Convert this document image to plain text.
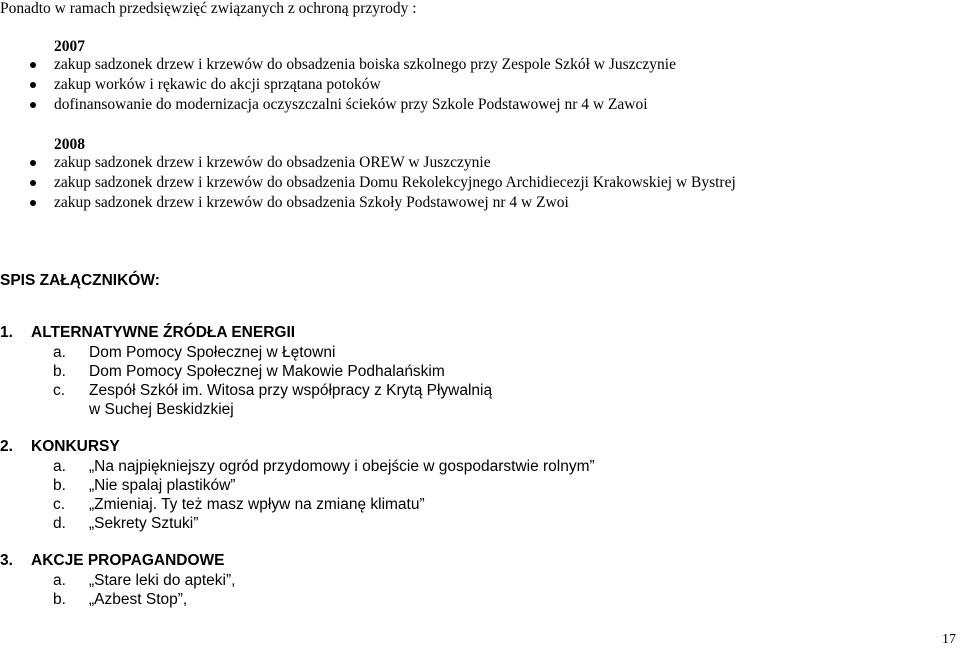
Ponadto w ramach przedsięwzięć związanych z ochroną przyrody :
2007
zakup sadzonek drzew i krzewów do obsadzenia boiska szkolnego przy Zespole Szkół w Juszczynie
zakup worków i rękawic do akcji sprzątana potoków
dofinansowanie do modernizacja oczyszczalni ścieków przy Szkole Podstawowej nr 4 w Zawoi
2008
zakup sadzonek drzew i krzewów do obsadzenia OREW w Juszczynie
zakup sadzonek drzew i krzewów do obsadzenia Domu Rekolekcyjnego Archidiecezji Krakowskiej w Bystrej
zakup sadzonek drzew i krzewów do obsadzenia Szkoły Podstawowej nr 4 w Zwoi
SPIS ZAŁĄCZNIKÓW:
1. ALTERNATYWNE ŹRÓDŁA ENERGII
a. Dom Pomocy Społecznej w Łętowni
b. Dom Pomocy Społecznej w Makowie Podhalańskim
c. Zespół Szkół im. Witosa przy współpracy z Krytą Pływalnią
w Suchej Beskidzkiej
2. KONKURSY
a. „Na najpiękniejszy ogród przydomowy i obejście w gospodarstwie rolnym”
b. „Nie spalaj plastików”
c. „Zmieniaj. Ty też masz wpływ na zmianę klimatu”
d. „Sekrety Sztuki”
3. AKCJE PROPAGANDOWE
a. „Stare leki do apteki”,
b. „Azbest Stop”,
17
